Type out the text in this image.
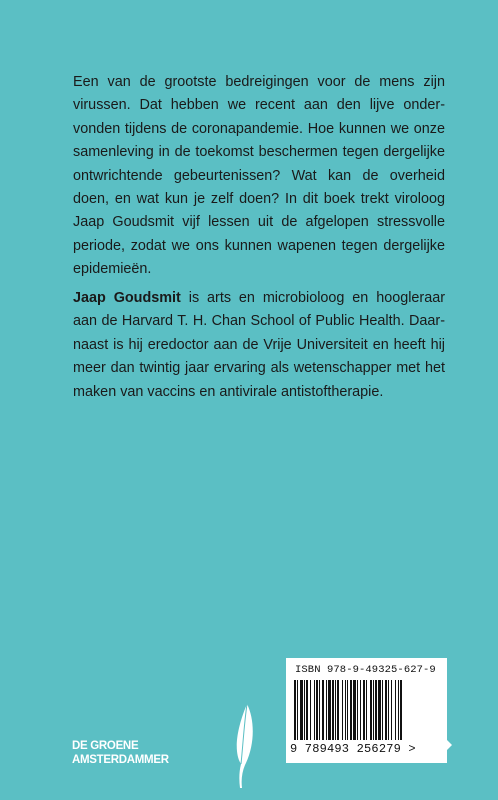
Een van de grootste bedreigingen voor de mens zijn virussen. Dat hebben we recent aan den lijve ondervonden tijdens de coronapandemie. Hoe kunnen we onze samenleving in de toekomst beschermen tegen dergelijke ontwrichtende gebeurtenissen? Wat kan de overheid doen, en wat kun je zelf doen? In dit boek trekt viroloog Jaap Goudsmit vijf lessen uit de afgelopen stressvolle periode, zodat we ons kunnen wapenen tegen dergelijke epidemieën.

Jaap Goudsmit is arts en microbioloog en hoogleraar aan de Harvard T. H. Chan School of Public Health. Daarnaast is hij eredoctor aan de Vrije Universiteit en heeft hij meer dan twintig jaar ervaring als wetenschapper met het maken van vaccins en antivirale antistoftherapie.

ISBN 978-9-49325-627-9
9 789493 256279 >
DE GROENE
AMSTERDAMMER
